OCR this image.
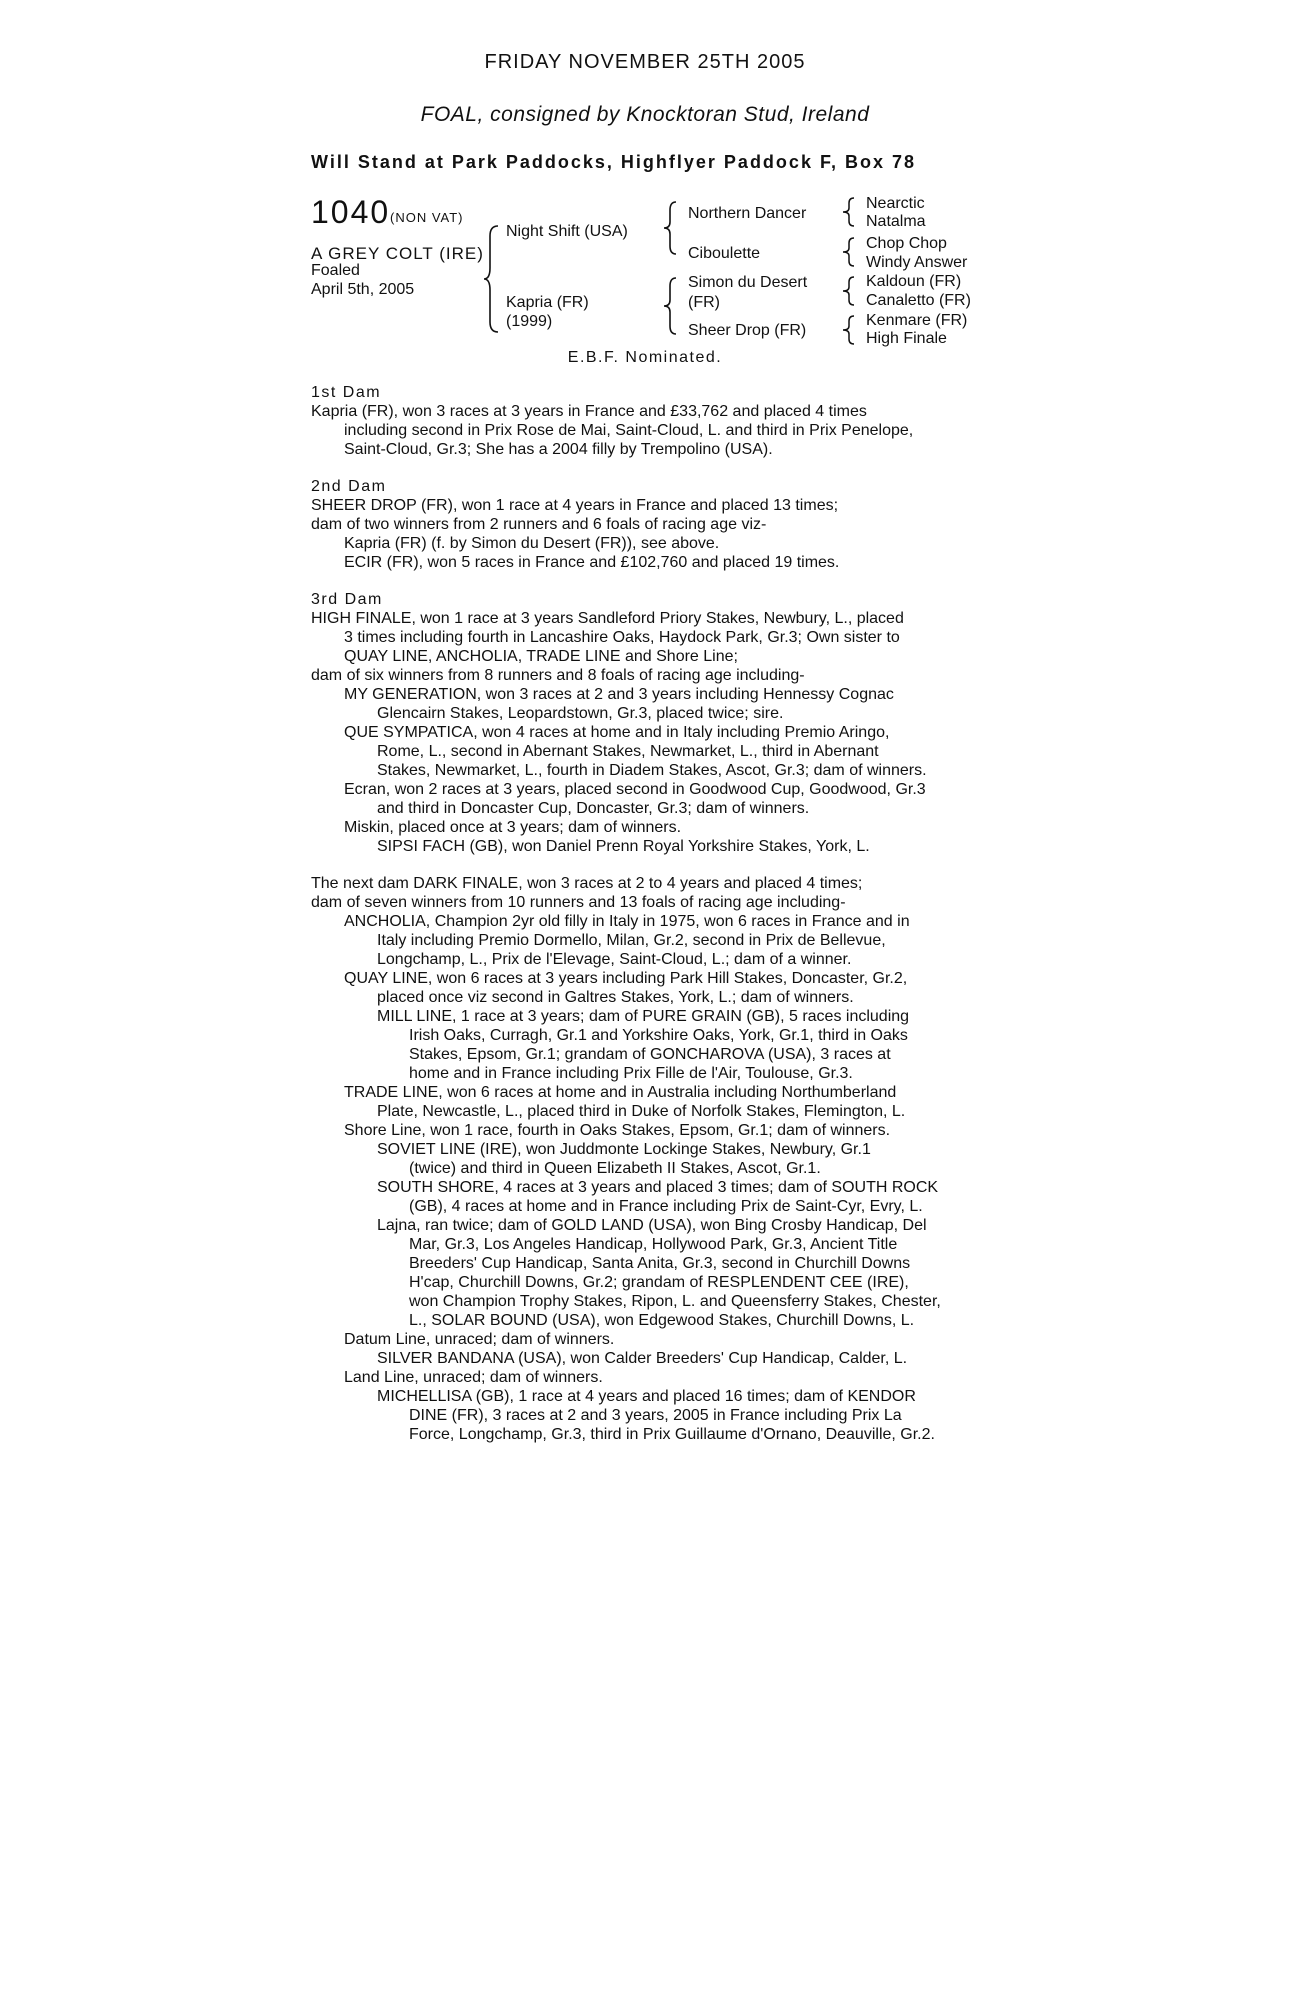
FRIDAY NOVEMBER 25TH 2005
FOAL, consigned by Knocktoran Stud, Ireland
Will Stand at Park Paddocks, Highflyer Paddock F, Box 78
1040 (NON VAT)
A GREY COLT (IRE)
Foaled
April 5th, 2005
Night Shift (USA)
Kapria (FR)
(1999)
Northern Dancer
Ciboulette
Simon du Desert
(FR)
Sheer Drop (FR)
Nearctic
Natalma
Chop Chop
Windy Answer
Kaldoun (FR)
Canaletto (FR)
Kenmare (FR)
High Finale
E.B.F. Nominated.
1st Dam
Kapria (FR), won 3 races at 3 years in France and £33,762 and placed 4 times
including second in Prix Rose de Mai, Saint-Cloud, L. and third in Prix Penelope,
Saint-Cloud, Gr.3; She has a 2004 filly by Trempolino (USA).
2nd Dam
SHEER DROP (FR), won 1 race at 4 years in France and placed 13 times;
dam of two winners from 2 runners and 6 foals of racing age viz-
Kapria (FR) (f. by Simon du Desert (FR)), see above.
ECIR (FR), won 5 races in France and £102,760 and placed 19 times.
3rd Dam
HIGH FINALE, won 1 race at 3 years Sandleford Priory Stakes, Newbury, L., placed
3 times including fourth in Lancashire Oaks, Haydock Park, Gr.3; Own sister to
QUAY LINE, ANCHOLIA, TRADE LINE and Shore Line;
dam of six winners from 8 runners and 8 foals of racing age including-
MY GENERATION, won 3 races at 2 and 3 years including Hennessy Cognac
Glencairn Stakes, Leopardstown, Gr.3, placed twice; sire.
QUE SYMPATICA, won 4 races at home and in Italy including Premio Aringo,
Rome, L., second in Abernant Stakes, Newmarket, L., third in Abernant
Stakes, Newmarket, L., fourth in Diadem Stakes, Ascot, Gr.3; dam of winners.
Ecran, won 2 races at 3 years, placed second in Goodwood Cup, Goodwood, Gr.3
and third in Doncaster Cup, Doncaster, Gr.3; dam of winners.
Miskin, placed once at 3 years; dam of winners.
SIPSI FACH (GB), won Daniel Prenn Royal Yorkshire Stakes, York, L.
The next dam DARK FINALE, won 3 races at 2 to 4 years and placed 4 times;
dam of seven winners from 10 runners and 13 foals of racing age including-
ANCHOLIA, Champion 2yr old filly in Italy in 1975, won 6 races in France and in
Italy including Premio Dormello, Milan, Gr.2, second in Prix de Bellevue,
Longchamp, L., Prix de l'Elevage, Saint-Cloud, L.; dam of a winner.
QUAY LINE, won 6 races at 3 years including Park Hill Stakes, Doncaster, Gr.2,
placed once viz second in Galtres Stakes, York, L.; dam of winners.
MILL LINE, 1 race at 3 years; dam of PURE GRAIN (GB), 5 races including
Irish Oaks, Curragh, Gr.1 and Yorkshire Oaks, York, Gr.1, third in Oaks
Stakes, Epsom, Gr.1; grandam of GONCHAROVA (USA), 3 races at
home and in France including Prix Fille de l'Air, Toulouse, Gr.3.
TRADE LINE, won 6 races at home and in Australia including Northumberland
Plate, Newcastle, L., placed third in Duke of Norfolk Stakes, Flemington, L.
Shore Line, won 1 race, fourth in Oaks Stakes, Epsom, Gr.1; dam of winners.
SOVIET LINE (IRE), won Juddmonte Lockinge Stakes, Newbury, Gr.1
(twice) and third in Queen Elizabeth II Stakes, Ascot, Gr.1.
SOUTH SHORE, 4 races at 3 years and placed 3 times; dam of SOUTH ROCK
(GB), 4 races at home and in France including Prix de Saint-Cyr, Evry, L.
Lajna, ran twice; dam of GOLD LAND (USA), won Bing Crosby Handicap, Del
Mar, Gr.3, Los Angeles Handicap, Hollywood Park, Gr.3, Ancient Title
Breeders' Cup Handicap, Santa Anita, Gr.3, second in Churchill Downs
H'cap, Churchill Downs, Gr.2; grandam of RESPLENDENT CEE (IRE),
won Champion Trophy Stakes, Ripon, L. and Queensferry Stakes, Chester,
L., SOLAR BOUND (USA), won Edgewood Stakes, Churchill Downs, L.
Datum Line, unraced; dam of winners.
SILVER BANDANA (USA), won Calder Breeders' Cup Handicap, Calder, L.
Land Line, unraced; dam of winners.
MICHELLISA (GB), 1 race at 4 years and placed 16 times; dam of KENDOR
DINE (FR), 3 races at 2 and 3 years, 2005 in France including Prix La
Force, Longchamp, Gr.3, third in Prix Guillaume d'Ornano, Deauville, Gr.2.
